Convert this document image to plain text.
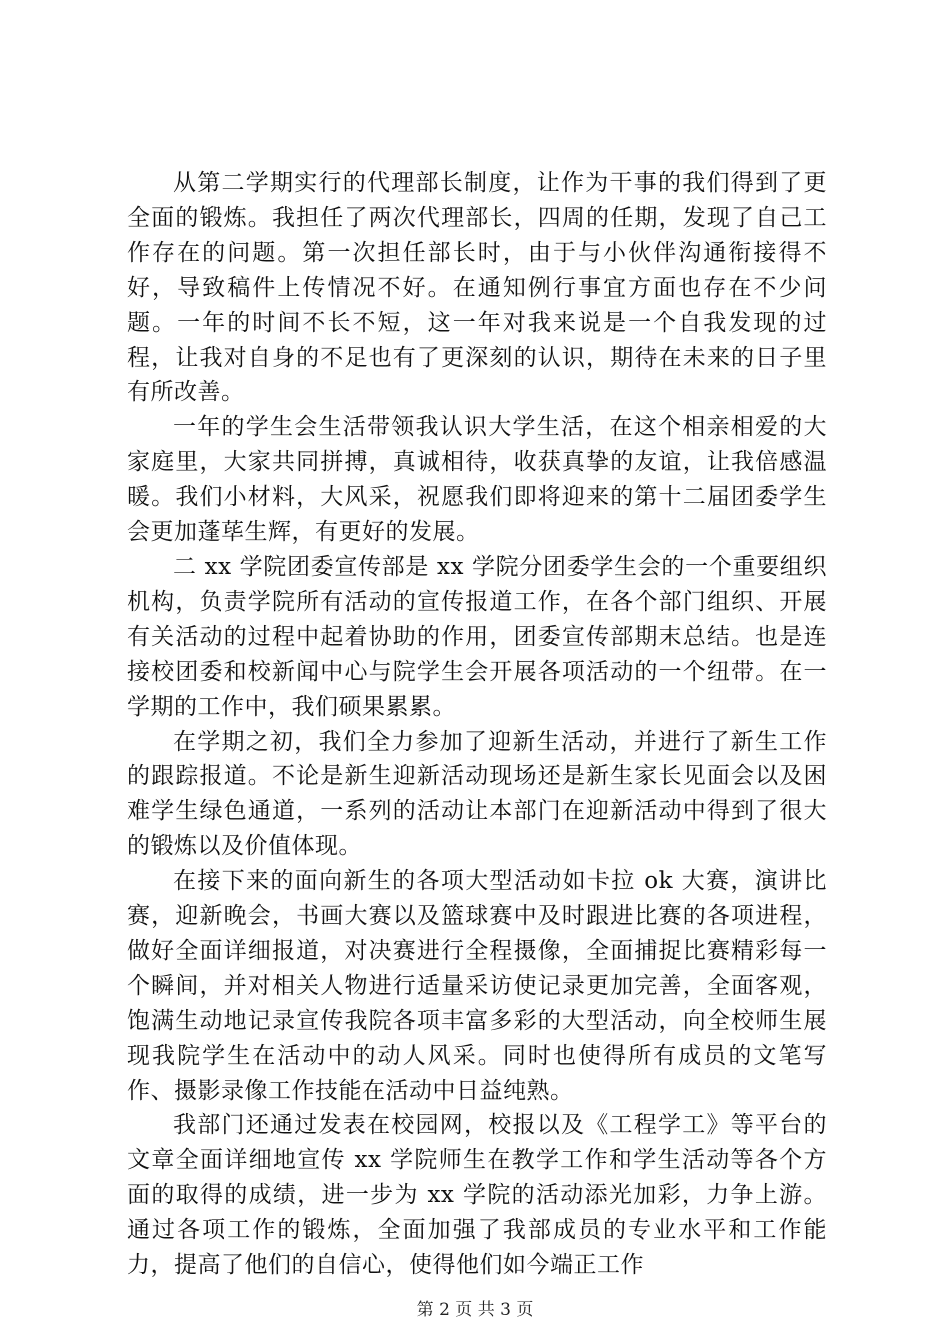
从第二学期实行的代理部长制度，让作为干事的我们得到了更全面的锻炼。我担任了两次代理部长，四周的任期，发现了自己工作存在的问题。第一次担任部长时，由于与小伙伴沟通衔接得不好，导致稿件上传情况不好。在通知例行事宜方面也存在不少问题。一年的时间不长不短，这一年对我来说是一个自我发现的过程，让我对自身的不足也有了更深刻的认识，期待在未来的日子里有所改善。

一年的学生会生活带领我认识大学生活，在这个相亲相爱的大家庭里，大家共同拼搏，真诚相待，收获真挚的友谊，让我倍感温暖。我们小材料，大风采，祝愿我们即将迎来的第十二届团委学生会更加蓬荜生辉，有更好的发展。

二 xx 学院团委宣传部是 xx 学院分团委学生会的一个重要组织机构，负责学院所有活动的宣传报道工作，在各个部门组织、开展有关活动的过程中起着协助的作用，团委宣传部期末总结。也是连接校团委和校新闻中心与院学生会开展各项活动的一个纽带。在一学期的工作中，我们硕果累累。

在学期之初，我们全力参加了迎新生活动，并进行了新生工作的跟踪报道。不论是新生迎新活动现场还是新生家长见面会以及困难学生绿色通道，一系列的活动让本部门在迎新活动中得到了很大的锻炼以及价值体现。

在接下来的面向新生的各项大型活动如卡拉 ok 大赛，演讲比赛，迎新晚会，书画大赛以及篮球赛中及时跟进比赛的各项进程，做好全面详细报道，对决赛进行全程摄像，全面捕捉比赛精彩每一个瞬间，并对相关人物进行适量采访使记录更加完善，全面客观，饱满生动地记录宣传我院各项丰富多彩的大型活动，向全校师生展现我院学生在活动中的动人风采。同时也使得所有成员的文笔写作、摄影录像工作技能在活动中日益纯熟。

我部门还通过发表在校园网，校报以及《工程学工》等平台的文章全面详细地宣传 xx 学院师生在教学工作和学生活动等各个方面的取得的成绩，进一步为 xx 学院的活动添光加彩，力争上游。通过各项工作的锻炼，全面加强了我部成员的专业水平和工作能力，提高了他们的自信心，使得他们如今端正工作

第 2 页 共 3 页
